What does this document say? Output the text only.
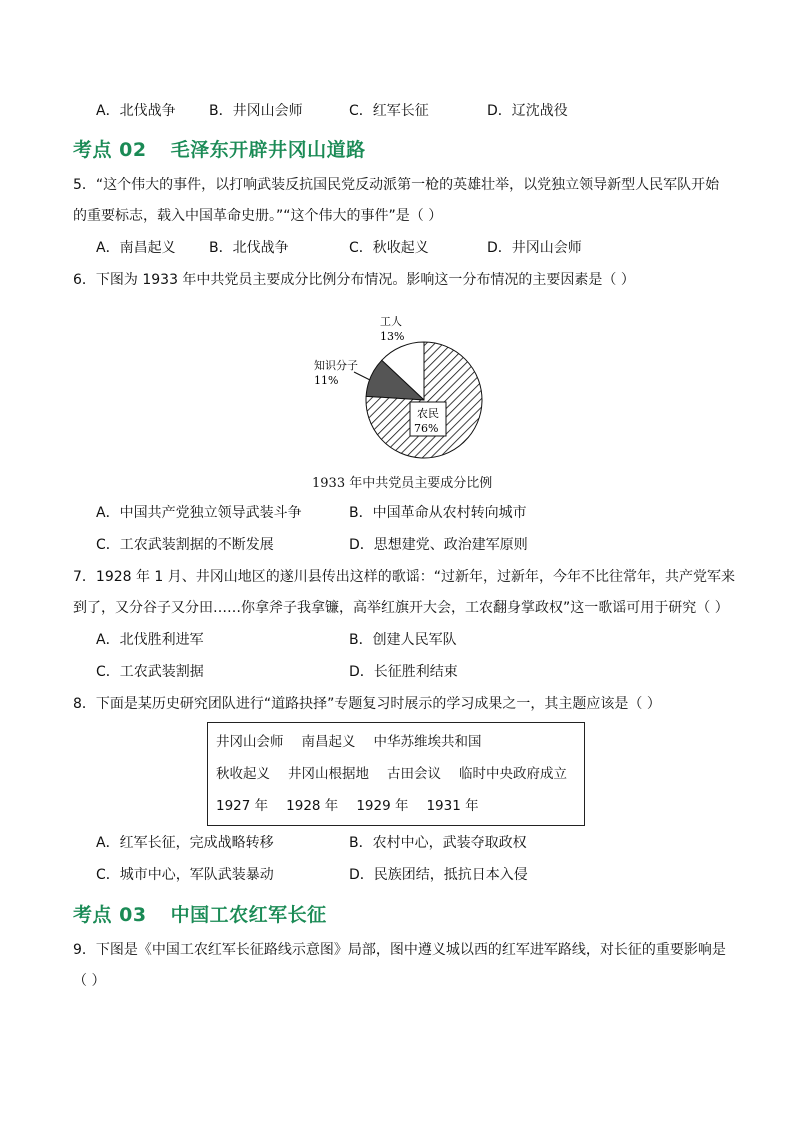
A．北伐战争 B．井冈山会师	C．红军长征	D．辽沈战役
考点 02 毛泽东开辟井冈山道路
5．“这个伟大的事件，以打响武装反抗国民党反动派第一枪的英雄壮举，以党独立领导新型人民军队开始
的重要标志，载入中国革命史册。”“这个伟大的事件”是（ ）
A．南昌起义 B．北伐战争	C．秋收起义	D．井冈山会师
6．下图为 1933 年中共党员主要成分比例分布情况。影响这一分布情况的主要因素是（ ）
农民
76%
工人
13%
知识分子
11%
1933 年中共党员主要成分比例
A．中国共产党独立领导武装斗争	B．中国革命从农村转向城市
C．工农武装割据的不断发展	D．思想建党、政治建军原则
7．1928 年 1 月、井冈山地区的遂川县传出这样的歌谣：“过新年，过新年，今年不比往常年，共产党军来
到了，又分谷子又分田……你拿斧子我拿镰，高举红旗开大会，工农翻身掌政权”这一歌谣可用于研究（ ）
A．北伐胜利进军	B．创建人民军队
C．工农武装割据	D．长征胜利结束
8．下面是某历史研究团队进行“道路抉择”专题复习时展示的学习成果之一，其主题应该是（ ）
井冈山会师 南昌起义 中华苏维埃共和国
秋收起义 井冈山根据地 古田会议 临时中央政府成立
1927 年 1928 年 1929 年 1931 年
A．红军长征，完成战略转移	B．农村中心，武装夺取政权
C．城市中心，军队武装暴动	D．民族团结，抵抗日本入侵
考点 03 中国工农红军长征
9．下图是《中国工农红军长征路线示意图》局部，图中遵义城以西的红军进军路线，对长征的重要影响是
（ ）
